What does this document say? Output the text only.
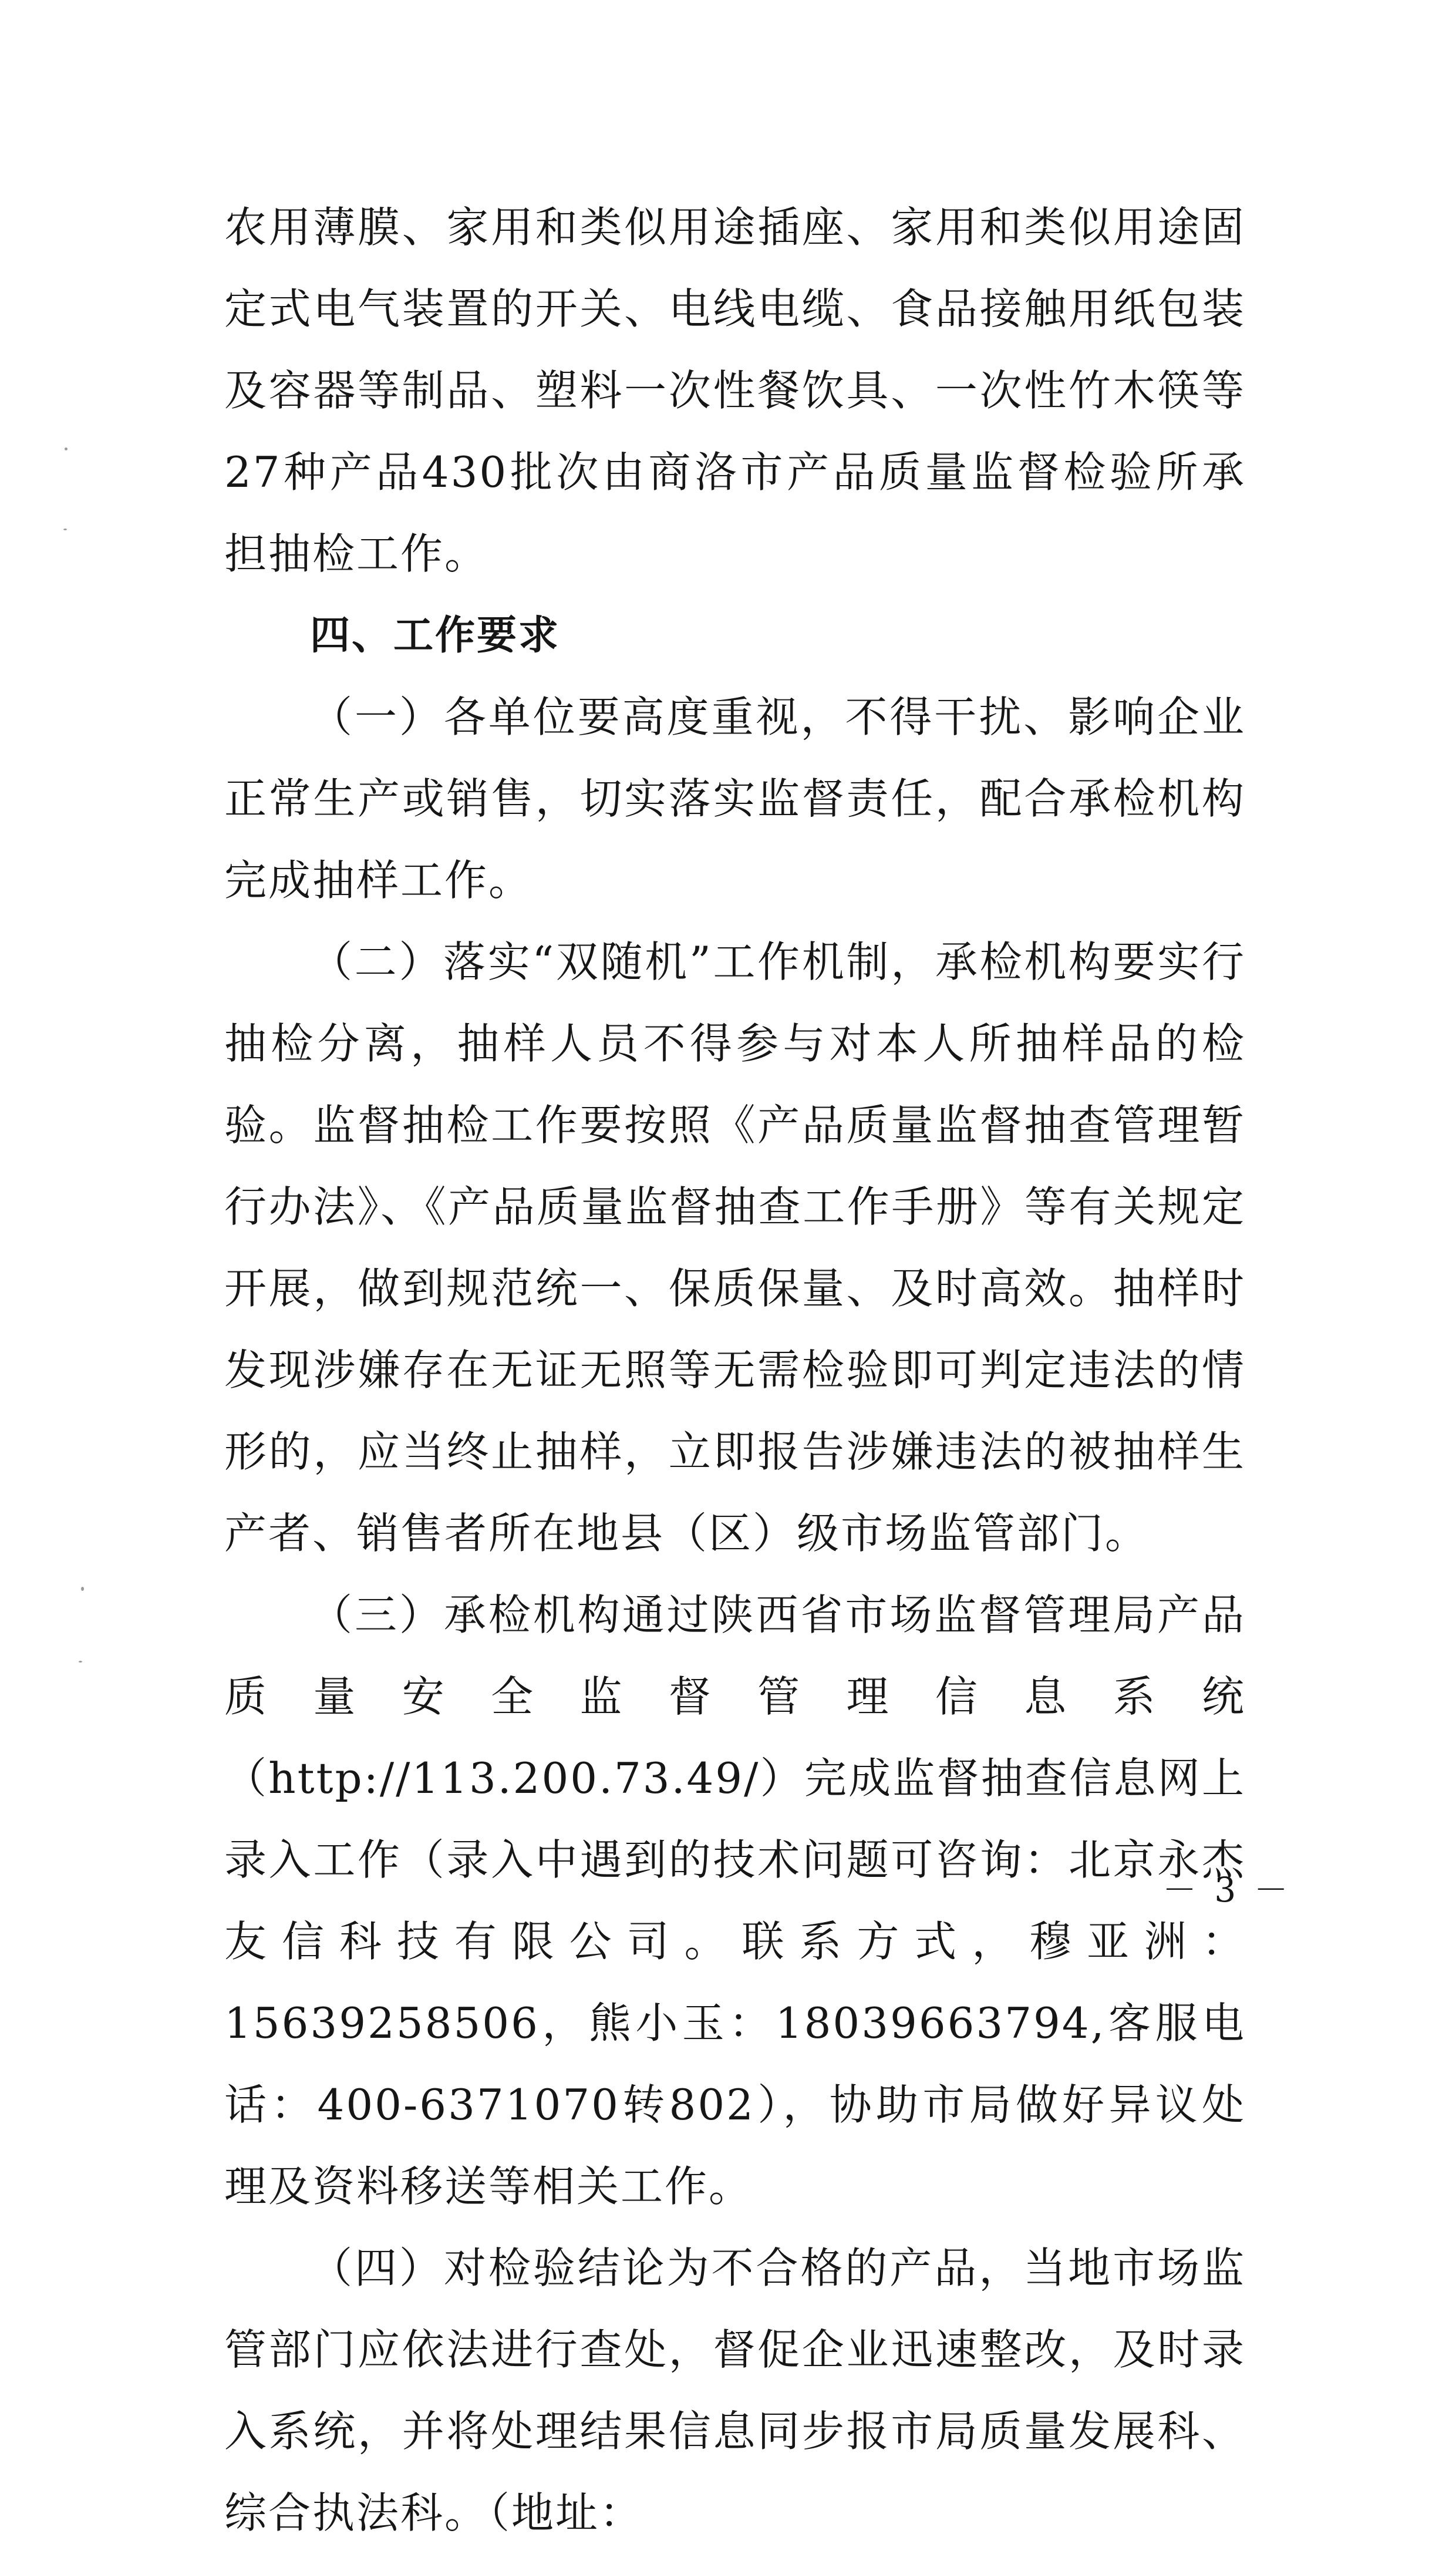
农用薄膜、家用和类似用途插座、家用和类似用途固定式电气装置的开关、电线电缆、食品接触用纸包装及容器等制品、塑料一次性餐饮具、一次性竹木筷等27种产品430批次由商洛市产品质量监督检验所承担抽检工作。

四、工作要求

（一）各单位要高度重视，不得干扰、影响企业正常生产或销售，切实落实监督责任，配合承检机构完成抽样工作。

（二）落实“双随机”工作机制，承检机构要实行抽检分离，抽样人员不得参与对本人所抽样品的检验。监督抽检工作要按照《产品质量监督抽查管理暂行办法》、《产品质量监督抽查工作手册》等有关规定开展，做到规范统一、保质保量、及时高效。抽样时发现涉嫌存在无证无照等无需检验即可判定违法的情形的，应当终止抽样，立即报告涉嫌违法的被抽样生产者、销售者所在地县（区）级市场监管部门。

（三）承检机构通过陕西省市场监督管理局产品质量安全监督管理信息系统（http://113.200.73.49/）完成监督抽查信息网上录入工作（录入中遇到的技术问题可咨询：北京永杰友信科技有限公司。联系方式，穆亚洲：15639258506，熊小玉：18039663794,客服电话：400-6371070转802），协助市局做好异议处理及资料移送等相关工作。

（四）对检验结论为不合格的产品，当地市场监管部门应依法进行查处，督促企业迅速整改，及时录入系统，并将处理结果信息同步报市局质量发展科、综合执法科。（地址：

－ 3 －
